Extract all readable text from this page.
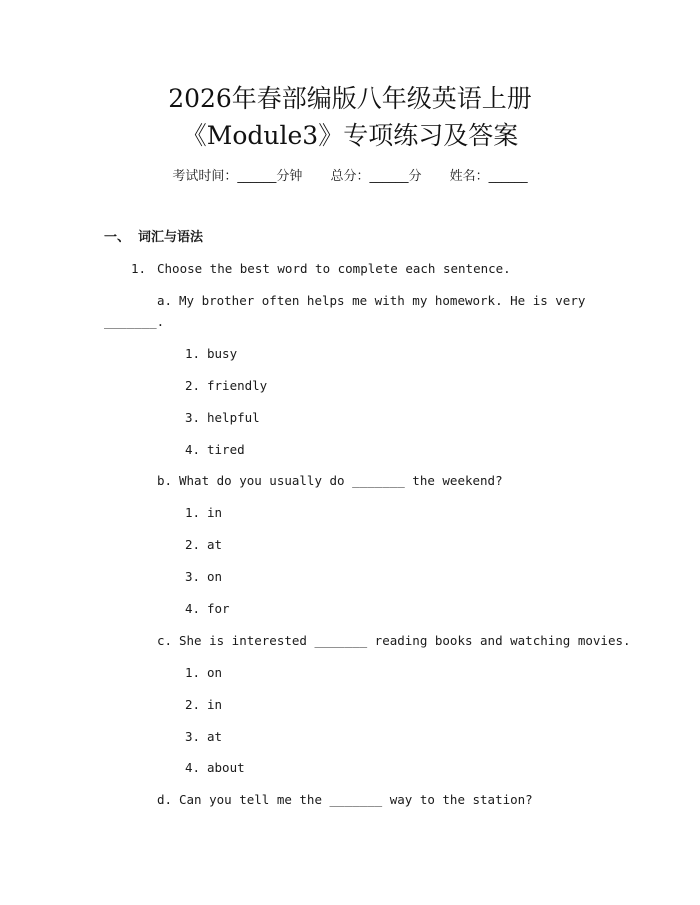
2026年春部编版八年级英语上册
《Module3》专项练习及答案
考试时间：______分钟 总分：______分 姓名：______
一、 词汇与语法
1. Choose the best word to complete each sentence.
a. My brother often helps me with my homework. He is very
_______.
1. busy
2. friendly
3. helpful
4. tired
b. What do you usually do _______ the weekend?
1. in
2. at
3. on
4. for
c. She is interested _______ reading books and watching movies.
1. on
2. in
3. at
4. about
d. Can you tell me the _______ way to the station?
